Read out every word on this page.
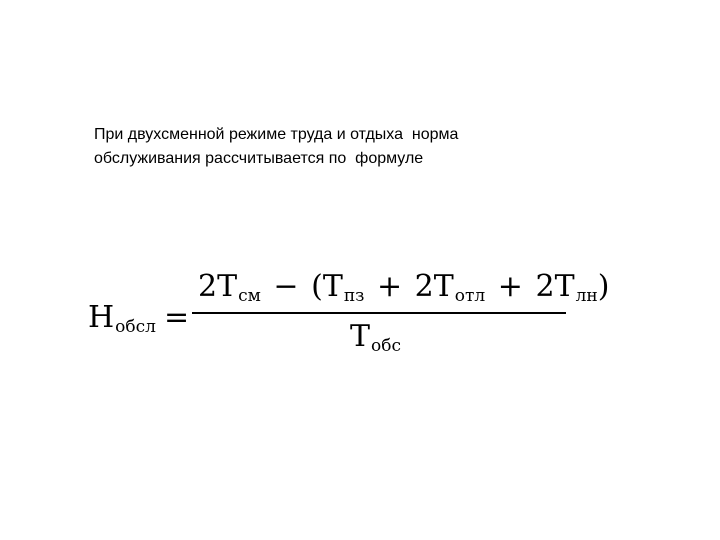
При двухсменной режиме труда и отдыха  норма
обслуживания рассчитывается по  формуле
$Н_{обсл}$ =
$2Т_{см} - (Т_{пз} + 2Т_{отл} + 2Т_{лн})$
$Т_{обс}$
